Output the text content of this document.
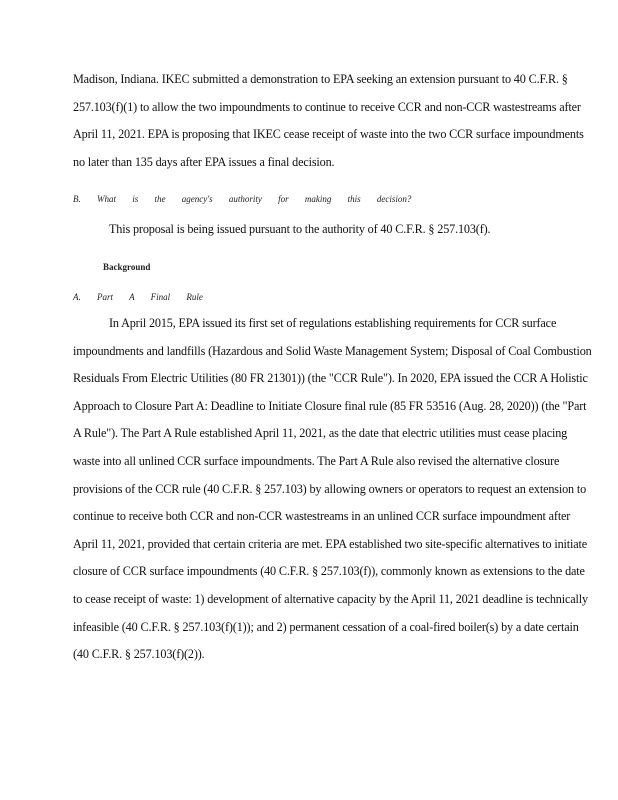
Madison, Indiana. IKEC submitted a demonstration to EPA seeking an extension pursuant to 40 C.F.R. § 257.103(f)(1) to allow the two impoundments to continue to receive CCR and non-CCR wastestreams after April 11, 2021. EPA is proposing that IKEC cease receipt of waste into the two CCR surface impoundments no later than 135 days after EPA issues a final decision.

B. What is the agency's authority for making this decision?

This proposal is being issued pursuant to the authority of 40 C.F.R. § 257.103(f).

Background

A. Part A Final Rule

In April 2015, EPA issued its first set of regulations establishing requirements for CCR surface impoundments and landfills (Hazardous and Solid Waste Management System; Disposal of Coal Combustion Residuals From Electric Utilities (80 FR 21301)) (the "CCR Rule"). In 2020, EPA issued the CCR A Holistic Approach to Closure Part A: Deadline to Initiate Closure final rule (85 FR 53516 (Aug. 28, 2020)) (the "Part A Rule"). The Part A Rule established April 11, 2021, as the date that electric utilities must cease placing waste into all unlined CCR surface impoundments. The Part A Rule also revised the alternative closure provisions of the CCR rule (40 C.F.R. § 257.103) by allowing owners or operators to request an extension to continue to receive both CCR and non-CCR wastestreams in an unlined CCR surface impoundment after April 11, 2021, provided that certain criteria are met. EPA established two site-specific alternatives to initiate closure of CCR surface impoundments (40 C.F.R. § 257.103(f)), commonly known as extensions to the date to cease receipt of waste: 1) development of alternative capacity by the April 11, 2021 deadline is technically infeasible (40 C.F.R. § 257.103(f)(1)); and 2) permanent cessation of a coal-fired boiler(s) by a date certain (40 C.F.R. § 257.103(f)(2)).
